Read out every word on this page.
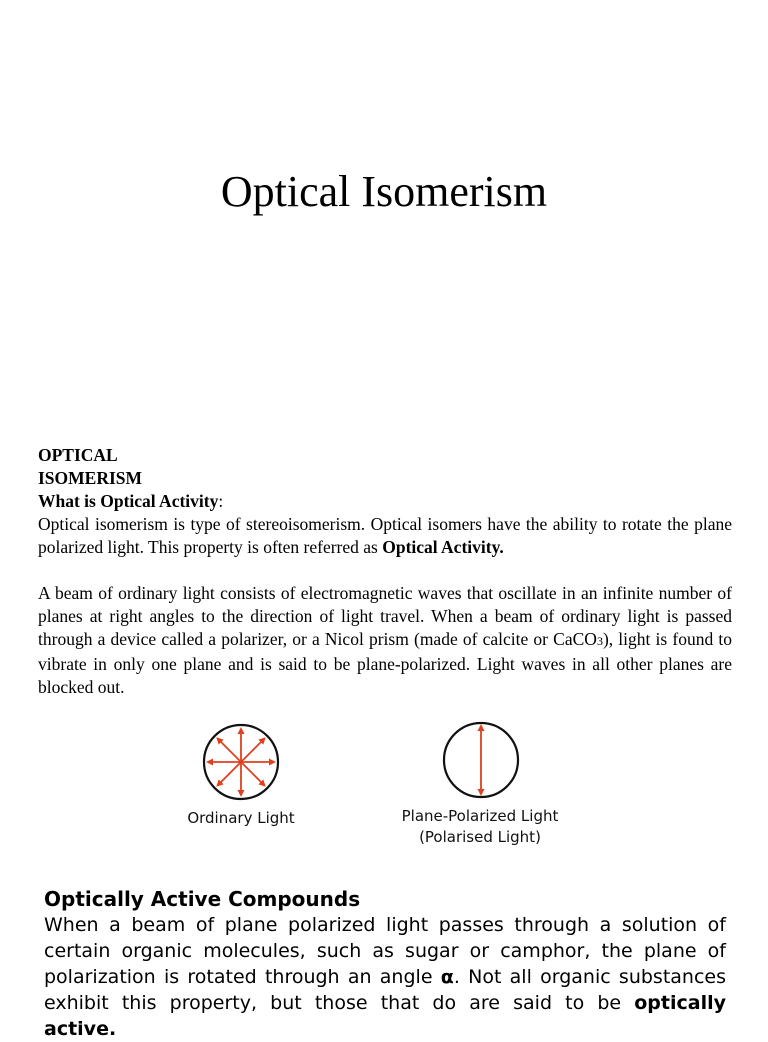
Optical Isomerism

OPTICAL

ISOMERISM

What is Optical Activity:

Optical isomerism is type of stereoisomerism. Optical isomers have the ability to rotate the plane polarized light. This property is often referred as Optical Activity.

A beam of ordinary light consists of electromagnetic waves that oscillate in an infinite number of planes at right angles to the direction of light travel. When a beam of ordinary light is passed through a device called a polarizer, or a Nicol prism (made of calcite or CaCO3), light is found to vibrate in only one plane and is said to be plane-polarized. Light waves in all other planes are blocked out.

Ordinary Light	Plane-Polarized Light
(Polarised Light)

Optically Active Compounds

When a beam of plane polarized light passes through a solution of certain organic molecules, such as sugar or camphor, the plane of polarization is rotated through an angle α. Not all organic substances exhibit this property, but those that do are said to be optically active.
